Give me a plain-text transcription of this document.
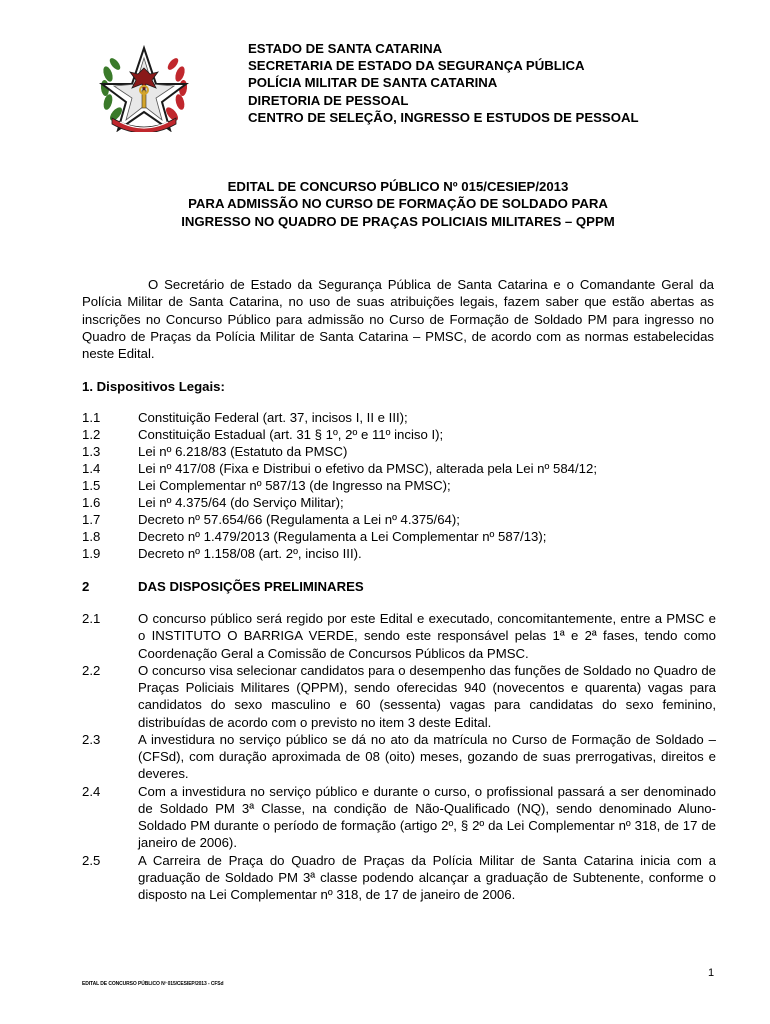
ESTADO DE SANTA CATARINA
SECRETARIA DE ESTADO DA SEGURANÇA PÚBLICA
POLÍCIA MILITAR DE SANTA CATARINA
DIRETORIA DE PESSOAL
CENTRO DE SELEÇÃO, INGRESSO E ESTUDOS DE PESSOAL
EDITAL DE CONCURSO PÚBLICO Nº 015/CESIEP/2013
PARA ADMISSÃO NO CURSO DE FORMAÇÃO DE SOLDADO PARA
INGRESSO NO QUADRO DE PRAÇAS POLICIAIS MILITARES – QPPM

O Secretário de Estado da Segurança Pública de Santa Catarina e o Comandante Geral da Polícia Militar de Santa Catarina, no uso de suas atribuições legais, fazem saber que estão abertas as inscrições no Concurso Público para admissão no Curso de Formação de Soldado PM para ingresso no Quadro de Praças da Polícia Militar de Santa Catarina – PMSC, de acordo com as normas estabelecidas neste Edital.

1. Dispositivos Legais:
1.1	Constituição Federal (art. 37, incisos I, II e III);
1.2	Constituição Estadual (art. 31 § 1º, 2º e 11º inciso I);
1.3	Lei nº 6.218/83 (Estatuto da PMSC)
1.4	Lei nº 417/08 (Fixa e Distribui o efetivo da PMSC), alterada pela Lei nº 584/12;
1.5	Lei Complementar nº 587/13 (de Ingresso na PMSC);
1.6	Lei nº 4.375/64 (do Serviço Militar);
1.7	Decreto nº 57.654/66 (Regulamenta a Lei nº 4.375/64);
1.8	Decreto nº 1.479/2013 (Regulamenta a Lei Complementar nº 587/13);
1.9	Decreto nº 1.158/08 (art. 2º, inciso III).
2	DAS DISPOSIÇÕES PRELIMINARES
2.1	O concurso público será regido por este Edital e executado, concomitantemente, entre a PMSC e o INSTITUTO O BARRIGA VERDE, sendo este responsável pelas 1ª e 2ª fases, tendo como Coordenação Geral a Comissão de Concursos Públicos da PMSC.
2.2	O concurso visa selecionar candidatos para o desempenho das funções de Soldado no Quadro de Praças Policiais Militares (QPPM), sendo oferecidas 940 (novecentos e quarenta) vagas para candidatos do sexo masculino e 60 (sessenta) vagas para candidatas do sexo feminino, distribuídas de acordo com o previsto no item 3 deste Edital.
2.3	A investidura no serviço público se dá no ato da matrícula no Curso de Formação de Soldado – (CFSd), com duração aproximada de 08 (oito) meses, gozando de suas prerrogativas, direitos e deveres.
2.4	Com a investidura no serviço público e durante o curso, o profissional passará a ser denominado de Soldado PM 3ª Classe, na condição de Não-Qualificado (NQ), sendo denominado Aluno-Soldado PM durante o período de formação (artigo 2º, § 2º da Lei Complementar nº 318, de 17 de janeiro de 2006).
2.5	A Carreira de Praça do Quadro de Praças da Polícia Militar de Santa Catarina inicia com a graduação de Soldado PM 3ª classe podendo alcançar a graduação de Subtenente, conforme o disposto na Lei Complementar nº 318, de 17 de janeiro de 2006.
1
EDITAL DE CONCURSO PÚBLICO Nº 015/CESIEP/2013 - CFSd
